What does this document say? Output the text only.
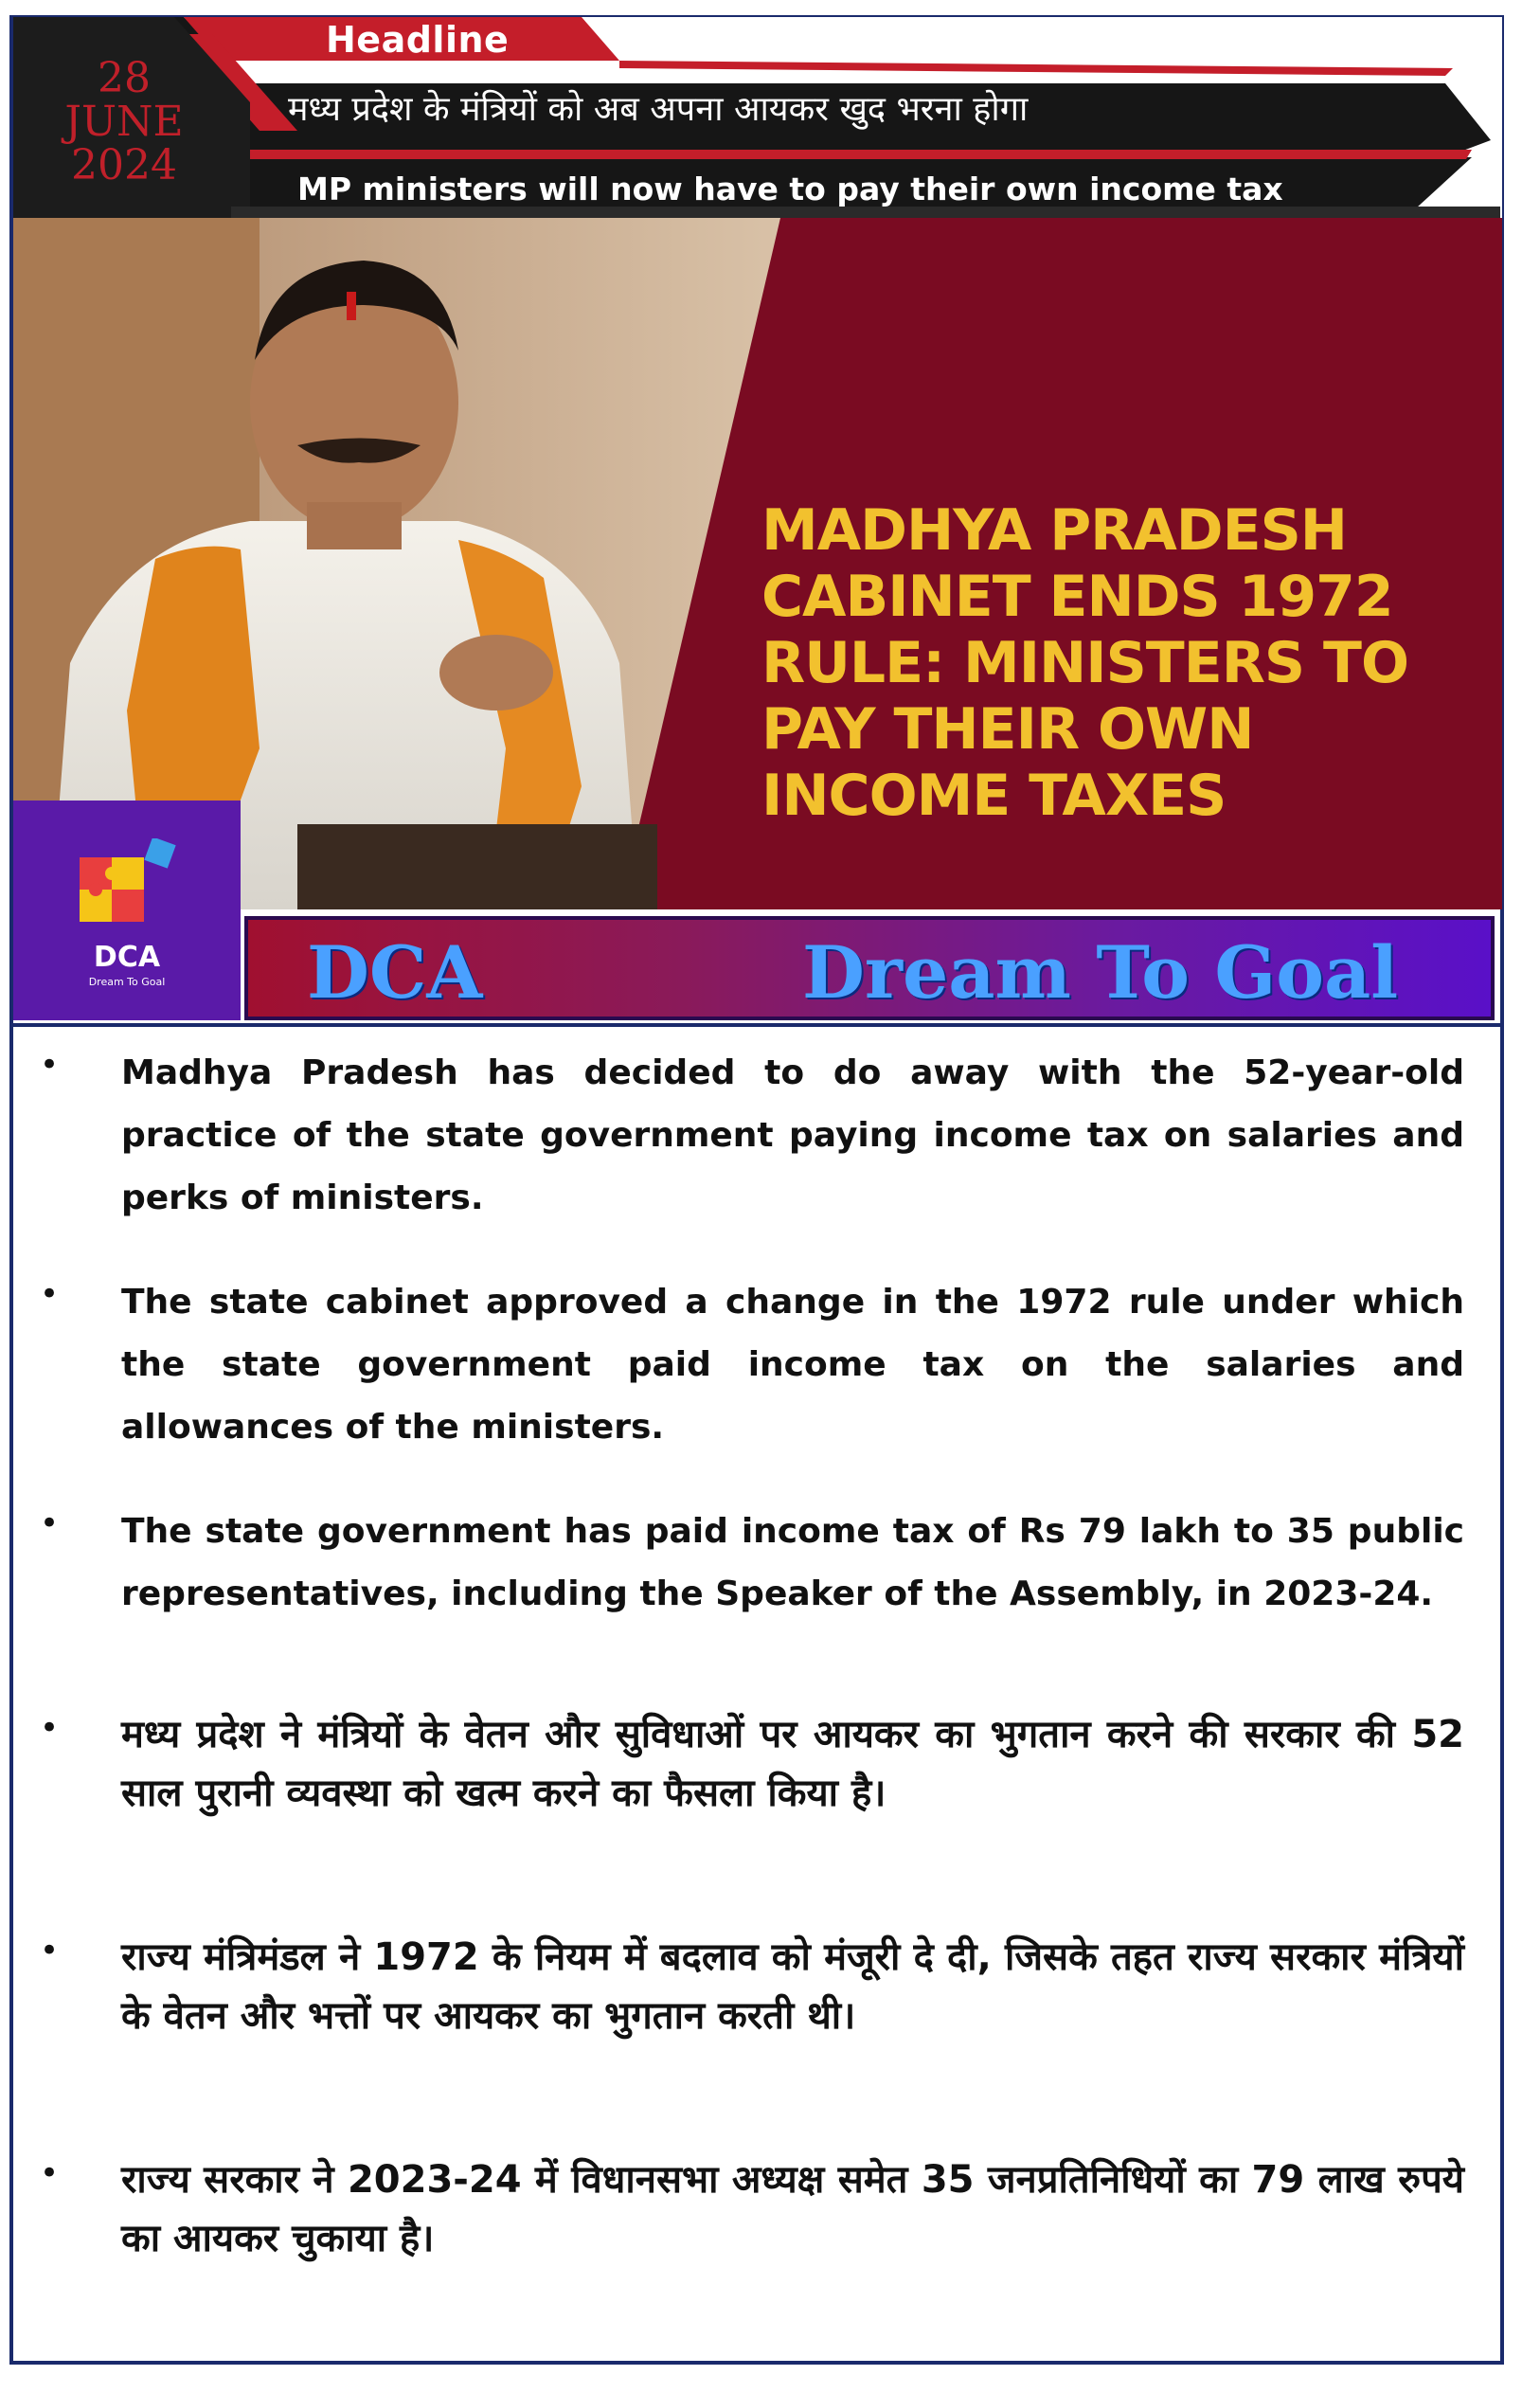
28
JUNE
2024
Headline
मध्य प्रदेश के मंत्रियों को अब अपना आयकर खुद भरना होगा
MP ministers will now have to pay their own income tax
MADHYA PRADESH CABINET ENDS 1972 RULE: MINISTERS TO PAY THEIR OWN INCOME TAXES
DCA
Dream To Goal	DCA	Dream To Goal
• Madhya Pradesh has decided to do away with the 52-year-old practice of the state government paying income tax on salaries and perks of ministers.
• The state cabinet approved a change in the 1972 rule under which the state government paid income tax on the salaries and allowances of the ministers.
• The state government has paid income tax of Rs 79 lakh to 35 public representatives, including the Speaker of the Assembly, in 2023-24.
• मध्य प्रदेश ने मंत्रियों के वेतन और सुविधाओं पर आयकर का भुगतान करने की सरकार की 52 साल पुरानी व्यवस्था को खत्म करने का फैसला किया है।
• राज्य मंत्रिमंडल ने 1972 के नियम में बदलाव को मंजूरी दे दी, जिसके तहत राज्य सरकार मंत्रियों के वेतन और भत्तों पर आयकर का भुगतान करती थी।
• राज्य सरकार ने 2023-24 में विधानसभा अध्यक्ष समेत 35 जनप्रतिनिधियों का 79 लाख रुपये का आयकर चुकाया है।
